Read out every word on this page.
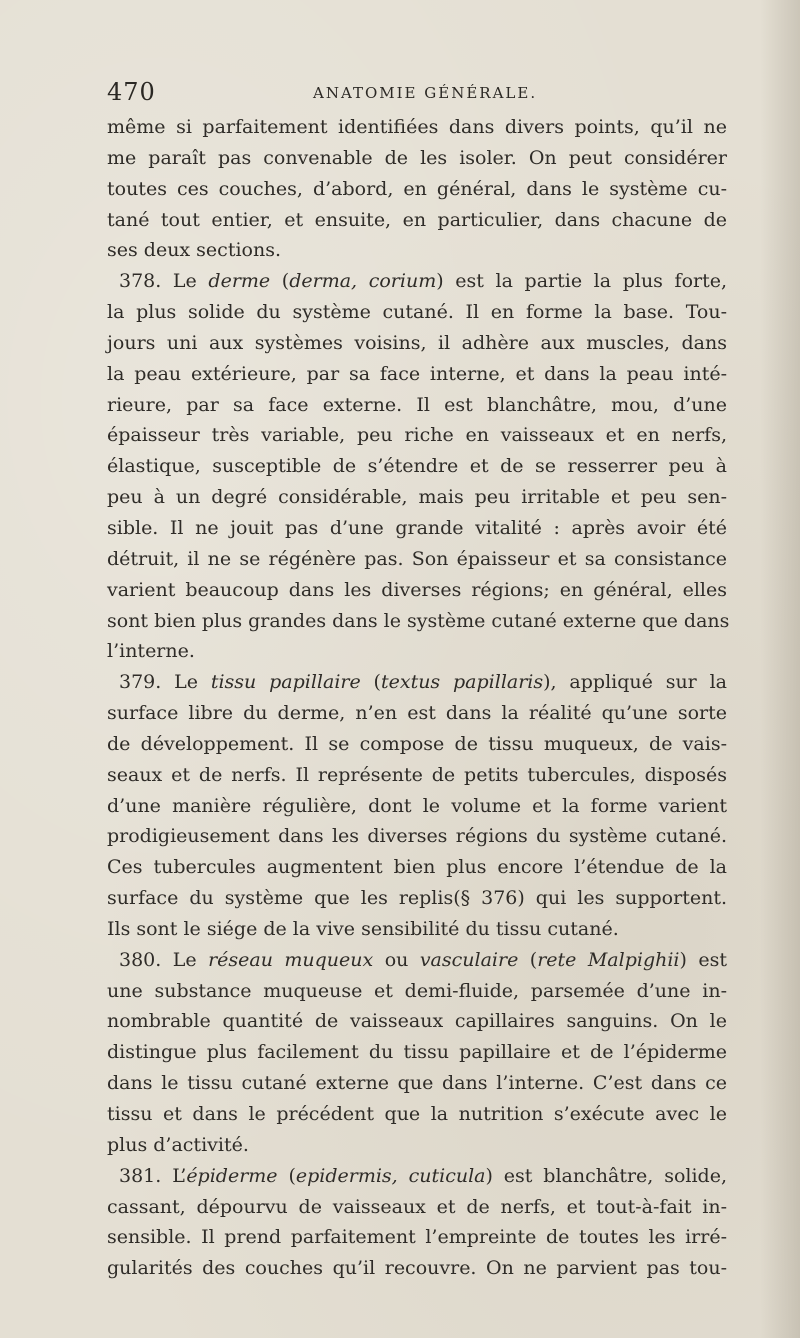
470	ANATOMIE GÉNÉRALE.
même si parfaitement identifiées dans divers points, qu’il ne
me paraît pas convenable de les isoler. On peut considérer
toutes ces couches, d’abord, en général, dans le système cu-
tané tout entier, et ensuite, en particulier, dans chacune de
ses deux sections.
378. Le derme (derma, corium) est la partie la plus forte,
la plus solide du système cutané. Il en forme la base. Tou-
jours uni aux systèmes voisins, il adhère aux muscles, dans
la peau extérieure, par sa face interne, et dans la peau inté-
rieure, par sa face externe. Il est blanchâtre, mou, d’une
épaisseur très variable, peu riche en vaisseaux et en nerfs,
élastique, susceptible de s’étendre et de se resserrer peu à
peu à un degré considérable, mais peu irritable et peu sen-
sible. Il ne jouit pas d’une grande vitalité : après avoir été
détruit, il ne se régénère pas. Son épaisseur et sa consistance
varient beaucoup dans les diverses régions; en général, elles
sont bien plus grandes dans le système cutané externe que dans
l’interne.
379. Le tissu papillaire (textus papillaris), appliqué sur la
surface libre du derme, n’en est dans la réalité qu’une sorte
de développement. Il se compose de tissu muqueux, de vais-
seaux et de nerfs. Il représente de petits tubercules, disposés
d’une manière régulière, dont le volume et la forme varient
prodigieusement dans les diverses régions du système cutané.
Ces tubercules augmentent bien plus encore l’étendue de la
surface du système que les replis(§ 376) qui les supportent.
Ils sont le siége de la vive sensibilité du tissu cutané.
380. Le réseau muqueux ou vasculaire (rete Malpighii) est
une substance muqueuse et demi-fluide, parsemée d’une in-
nombrable quantité de vaisseaux capillaires sanguins. On le
distingue plus facilement du tissu papillaire et de l’épiderme
dans le tissu cutané externe que dans l’interne. C’est dans ce
tissu et dans le précédent que la nutrition s’exécute avec le
plus d’activité.
381. L’épiderme (epidermis, cuticula) est blanchâtre, solide,
cassant, dépourvu de vaisseaux et de nerfs, et tout-à-fait in-
sensible. Il prend parfaitement l’empreinte de toutes les irré-
gularités des couches qu’il recouvre. On ne parvient pas tou-
